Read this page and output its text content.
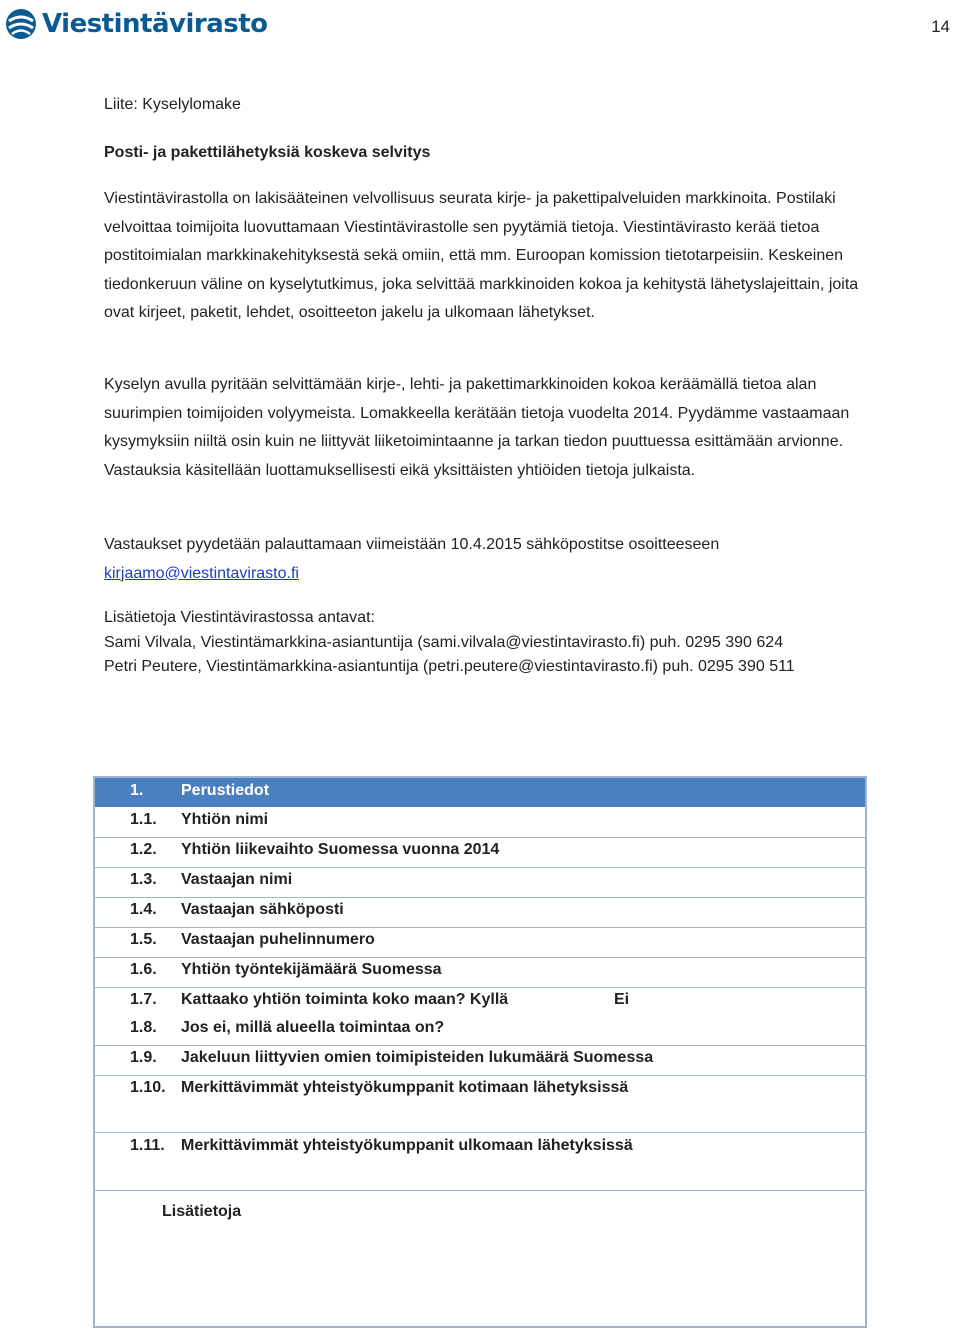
Viestintävirasto	14
Liite: Kyselylomake
Posti- ja pakettilähetyksiä koskeva selvitys

Viestintävirastolla on lakisääteinen velvollisuus seurata kirje- ja pakettipalveluiden markkinoita. Postilaki velvoittaa toimijoita luovuttamaan Viestintävirastolle sen pyytämiä tietoja. Viestintävirasto kerää tietoa postitoimialan markkinakehityksestä sekä omiin, että mm. Euroopan komission tietotarpeisiin. Keskeinen tiedonkeruun väline on kyselytutkimus, joka selvittää markkinoiden kokoa ja kehitystä lähetyslajeittain, joita ovat kirjeet, paketit, lehdet, osoitteeton jakelu ja ulkomaan lähetykset.

Kyselyn avulla pyritään selvittämään kirje-, lehti- ja pakettimarkkinoiden kokoa keräämällä tietoa alan suurimpien toimijoiden volyymeista. Lomakkeella kerätään tietoja vuodelta 2014. Pyydämme vastaamaan kysymyksiin niiltä osin kuin ne liittyvät liiketoimintaanne ja tarkan tiedon puuttuessa esittämään arvionne. Vastauksia käsitellään luottamuksellisesti eikä yksittäisten yhtiöiden tietoja julkaista.

Vastaukset pyydetään palauttamaan viimeistään 10.4.2015 sähköpostitse osoitteeseen
kirjaamo@viestintavirasto.fi

Lisätietoja Viestintävirastossa antavat:

Sami Vilvala, Viestintämarkkina-asiantuntija (sami.vilvala@viestintavirasto.fi) puh. 0295 390 624

Petri Peutere, Viestintämarkkina-asiantuntija (petri.peutere@viestintavirasto.fi) puh. 0295 390 511

1. Perustiedot
1.1. Yhtiön nimi
1.2. Yhtiön liikevaihto Suomessa vuonna 2014
1.3. Vastaajan nimi
1.4. Vastaajan sähköposti
1.5. Vastaajan puhelinnumero
1.6. Yhtiön työntekijämäärä Suomessa
1.7. Kattaako yhtiön toiminta koko maan? Kyllä	Ei
1.8. Jos ei, millä alueella toimintaa on?
1.9. Jakeluun liittyvien omien toimipisteiden lukumäärä Suomessa
1.10. Merkittävimmät yhteistyökumppanit kotimaan lähetyksissä
1.11. Merkittävimmät yhteistyökumppanit ulkomaan lähetyksissä
Lisätietoja
